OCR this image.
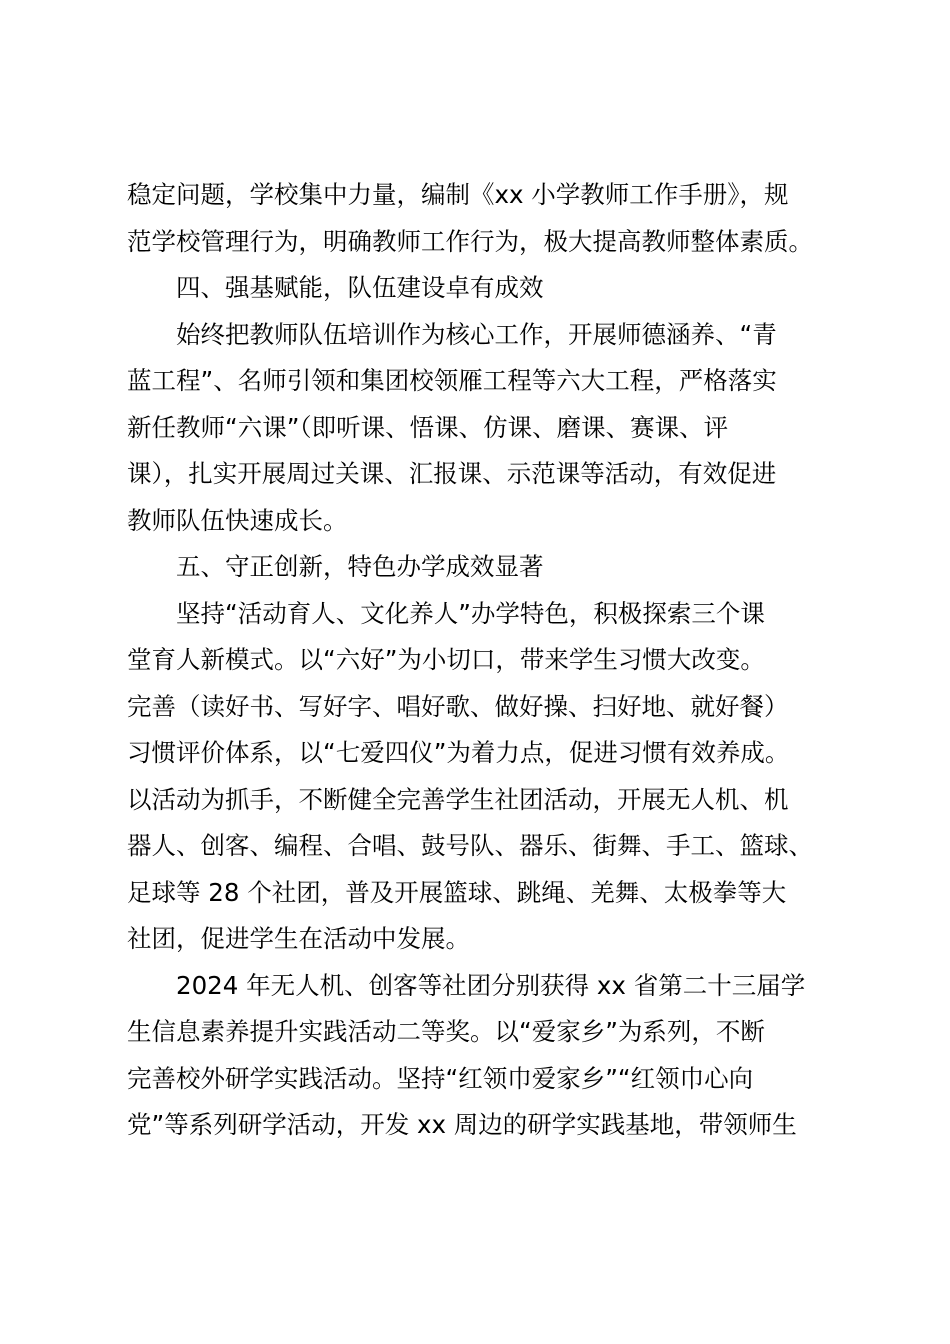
稳定问题，学校集中力量，编制《xx 小学教师工作手册》，规
范学校管理行为，明确教师工作行为，极大提高教师整体素质。
四、强基赋能，队伍建设卓有成效
始终把教师队伍培训作为核心工作，开展师德涵养、“青
蓝工程”、名师引领和集团校领雁工程等六大工程，严格落实
新任教师“六课”（即听课、悟课、仿课、磨课、赛课、评
课），扎实开展周过关课、汇报课、示范课等活动，有效促进
教师队伍快速成长。
五、守正创新，特色办学成效显著
坚持“活动育人、文化养人”办学特色，积极探索三个课
堂育人新模式。以“六好”为小切口，带来学生习惯大改变。
完善（读好书、写好字、唱好歌、做好操、扫好地、就好餐）
习惯评价体系，以“七爱四仪”为着力点，促进习惯有效养成。
以活动为抓手，不断健全完善学生社团活动，开展无人机、机
器人、创客、编程、合唱、鼓号队、器乐、街舞、手工、篮球、
足球等 28 个社团，普及开展篮球、跳绳、羌舞、太极拳等大
社团，促进学生在活动中发展。
2024 年无人机、创客等社团分别获得 xx 省第二十三届学
生信息素养提升实践活动二等奖。以“爱家乡”为系列，不断
完善校外研学实践活动。坚持“红领巾爱家乡”“红领巾心向
党”等系列研学活动，开发 xx 周边的研学实践基地，带领师生
